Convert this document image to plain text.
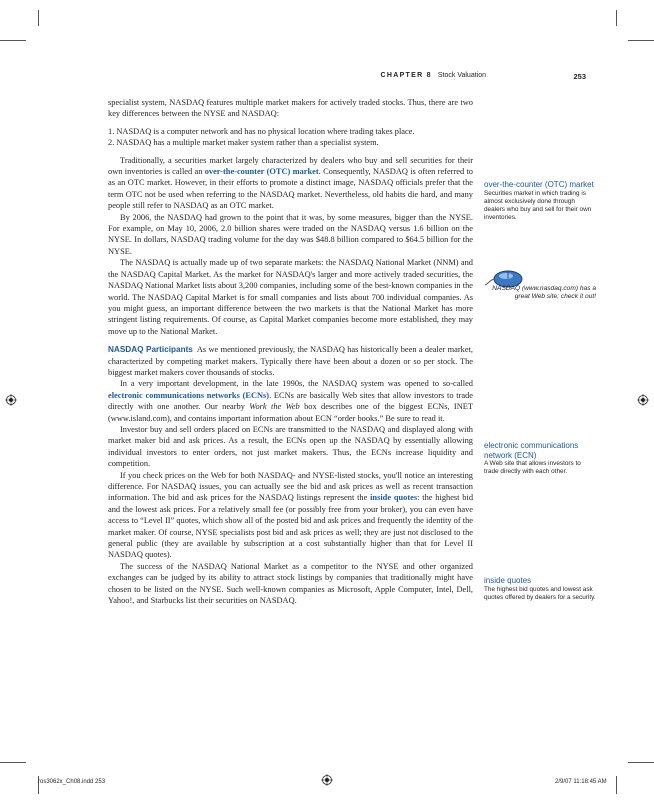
CHAPTER 8 Stock Valuation	253

specialist system, NASDAQ features multiple market makers for actively traded stocks. Thus, there are two key differences between the NYSE and NASDAQ:

1. NASDAQ is a computer network and has no physical location where trading takes place.
2. NASDAQ has a multiple market maker system rather than a specialist system.

Traditionally, a securities market largely characterized by dealers who buy and sell securities for their own inventories is called an over-the-counter (OTC) market. Consequently, NASDAQ is often referred to as an OTC market. However, in their efforts to promote a distinct image, NASDAQ officials prefer that the term OTC not be used when referring to the NASDAQ market. Nevertheless, old habits die hard, and many people still refer to NASDAQ as an OTC market.

By 2006, the NASDAQ had grown to the point that it was, by some measures, bigger than the NYSE. For example, on May 10, 2006, 2.0 billion shares were traded on the NASDAQ versus 1.6 billion on the NYSE. In dollars, NASDAQ trading volume for the day was $48.8 billion compared to $64.5 billion for the NYSE.

The NASDAQ is actually made up of two separate markets: the NASDAQ National Market (NNM) and the NASDAQ Capital Market. As the market for NASDAQ's larger and more actively traded securities, the NASDAQ National Market lists about 3,200 companies, including some of the best-known companies in the world. The NASDAQ Capital Market is for small companies and lists about 700 individual companies. As you might guess, an important difference between the two markets is that the National Market has more stringent listing requirements. Of course, as Capital Market companies become more established, they may move up to the National Market.

NASDAQ Participants As we mentioned previously, the NASDAQ has historically been a dealer market, characterized by competing market makers. Typically there have been about a dozen or so per stock. The biggest market makers cover thousands of stocks.

In a very important development, in the late 1990s, the NASDAQ system was opened to so-called electronic communications networks (ECNs). ECNs are basically Web sites that allow investors to trade directly with one another. Our nearby Work the Web box describes one of the biggest ECNs, INET (www.island.com), and contains important information about ECN “order books.” Be sure to read it.

Investor buy and sell orders placed on ECNs are transmitted to the NASDAQ and displayed along with market maker bid and ask prices. As a result, the ECNs open up the NASDAQ by essentially allowing individual investors to enter orders, not just market makers. Thus, the ECNs increase liquidity and competition.

If you check prices on the Web for both NASDAQ- and NYSE-listed stocks, you'll notice an interesting difference. For NASDAQ issues, you can actually see the bid and ask prices as well as recent transaction information. The bid and ask prices for the NASDAQ listings represent the inside quotes: the highest bid and the lowest ask prices. For a relatively small fee (or possibly free from your broker), you can even have access to “Level II” quotes, which show all of the posted bid and ask prices and frequently the identity of the market maker. Of course, NYSE specialists post bid and ask prices as well; they are just not disclosed to the general public (they are available by subscription at a cost substantially higher than that for Level II NASDAQ quotes).

The success of the NASDAQ National Market as a competitor to the NYSE and other organized exchanges can be judged by its ability to attract stock listings by companies that traditionally might have chosen to be listed on the NYSE. Such well-known companies as Microsoft, Apple Computer, Intel, Dell, Yahoo!, and Starbucks list their securities on NASDAQ.

over-the-counter (OTC) market
Securities market in which trading is almost exclusively done through dealers who buy and sell for their own inventories.
NASDAQ (www.nasdaq.com) has a great Web site; check it out!
electronic communications network (ECN)
A Web site that allows investors to trade directly with each other.
inside quotes
The highest bid quotes and lowest ask quotes offered by dealers for a security.
ros3062x_Ch08.indd 253	2/9/07 11:18:45 AM
